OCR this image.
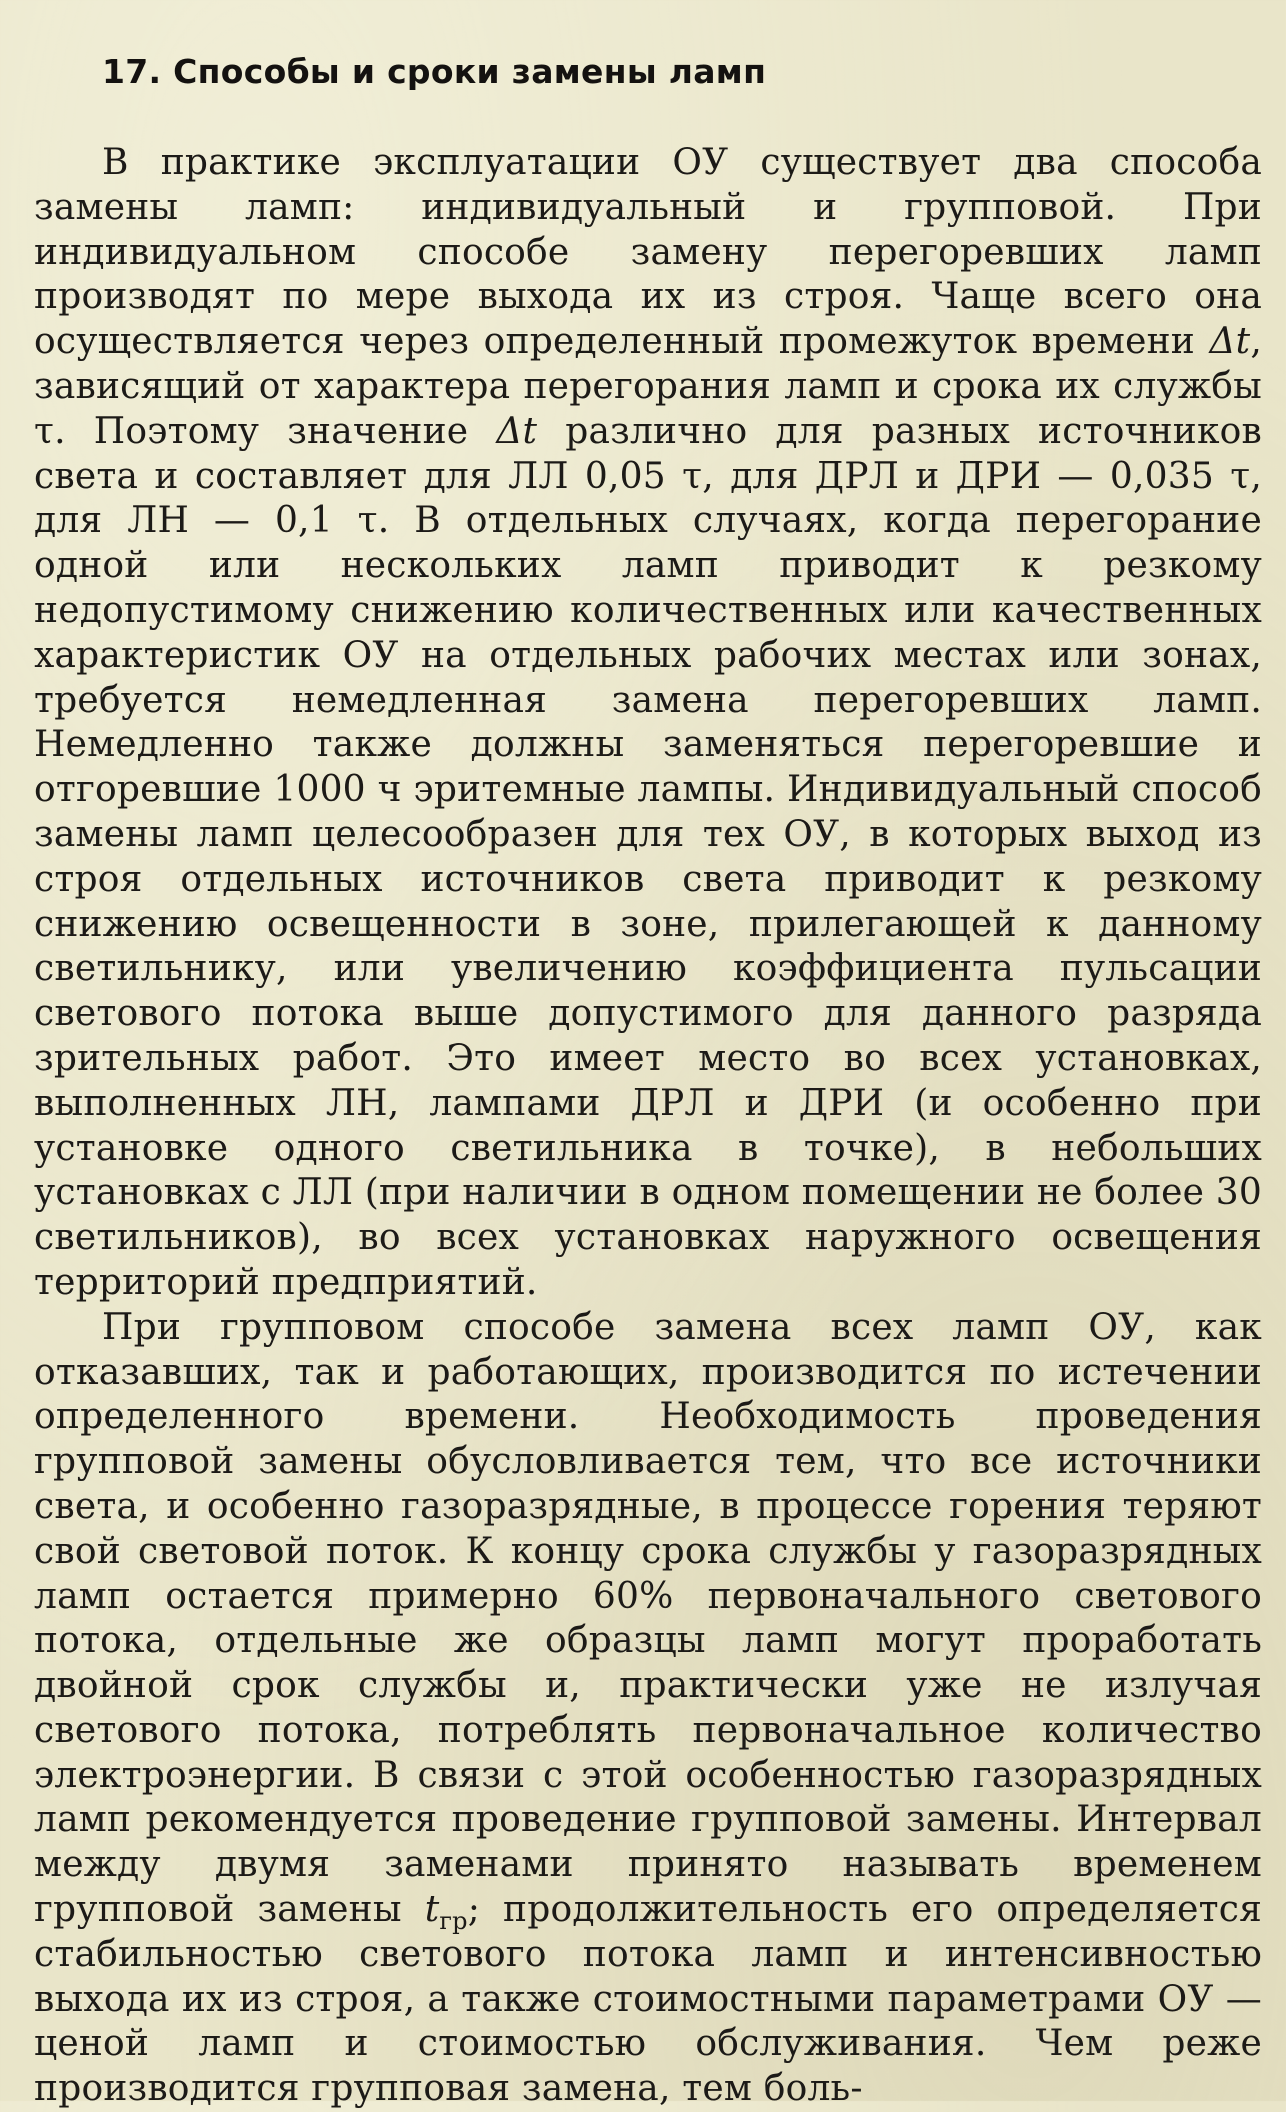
17. Способы и сроки замены ламп

В практике эксплуатации ОУ существует два способа замены ламп: индивидуальный и групповой. При индивидуальном способе замену перегоревших ламп производят по мере выхода их из строя. Чаще всего она осуществляется через определенный промежуток времени Δt, зависящий от характера перегорания ламп и срока их службы τ. Поэтому значение Δt различно для разных источников света и составляет для ЛЛ 0,05 τ, для ДРЛ и ДРИ — 0,035 τ, для ЛН — 0,1 τ. В отдельных случаях, когда перегорание одной или нескольких ламп приводит к резкому недопустимому снижению количественных или качественных характеристик ОУ на отдельных рабочих местах или зонах, требуется немедленная замена перегоревших ламп. Немедленно также должны заменяться перегоревшие и отгоревшие 1000 ч эритемные лампы. Индивидуальный способ замены ламп целесообразен для тех ОУ, в которых выход из строя отдельных источников света приводит к резкому снижению освещенности в зоне, прилегающей к данному светильнику, или увеличению коэффициента пульсации светового потока выше допустимого для данного разряда зрительных работ. Это имеет место во всех установках, выполненных ЛН, лампами ДРЛ и ДРИ (и особенно при установке одного светильника в точке), в небольших установках с ЛЛ (при наличии в одном помещении не более 30 светильников), во всех установках наружного освещения территорий предприятий.

При групповом способе замена всех ламп ОУ, как отказавших, так и работающих, производится по истечении определенного времени. Необходимость проведения групповой замены обусловливается тем, что все источники света, и особенно газоразрядные, в процессе горения теряют свой световой поток. К концу срока службы у газоразрядных ламп остается примерно 60% первоначального светового потока, отдельные же образцы ламп могут проработать двойной срок службы и, практически уже не излучая светового потока, потреблять первоначальное количество электроэнергии. В связи с этой особенностью газоразрядных ламп рекомендуется проведение групповой замены. Интервал между двумя заменами принято называть временем групповой замены $t_{гр}$; продолжительность его определяется стабильностью светового потока ламп и интенсивностью выхода их из строя, а также стоимостными параметрами ОУ — ценой ламп и стоимостью обслуживания. Чем реже производится групповая замена, тем боль-
